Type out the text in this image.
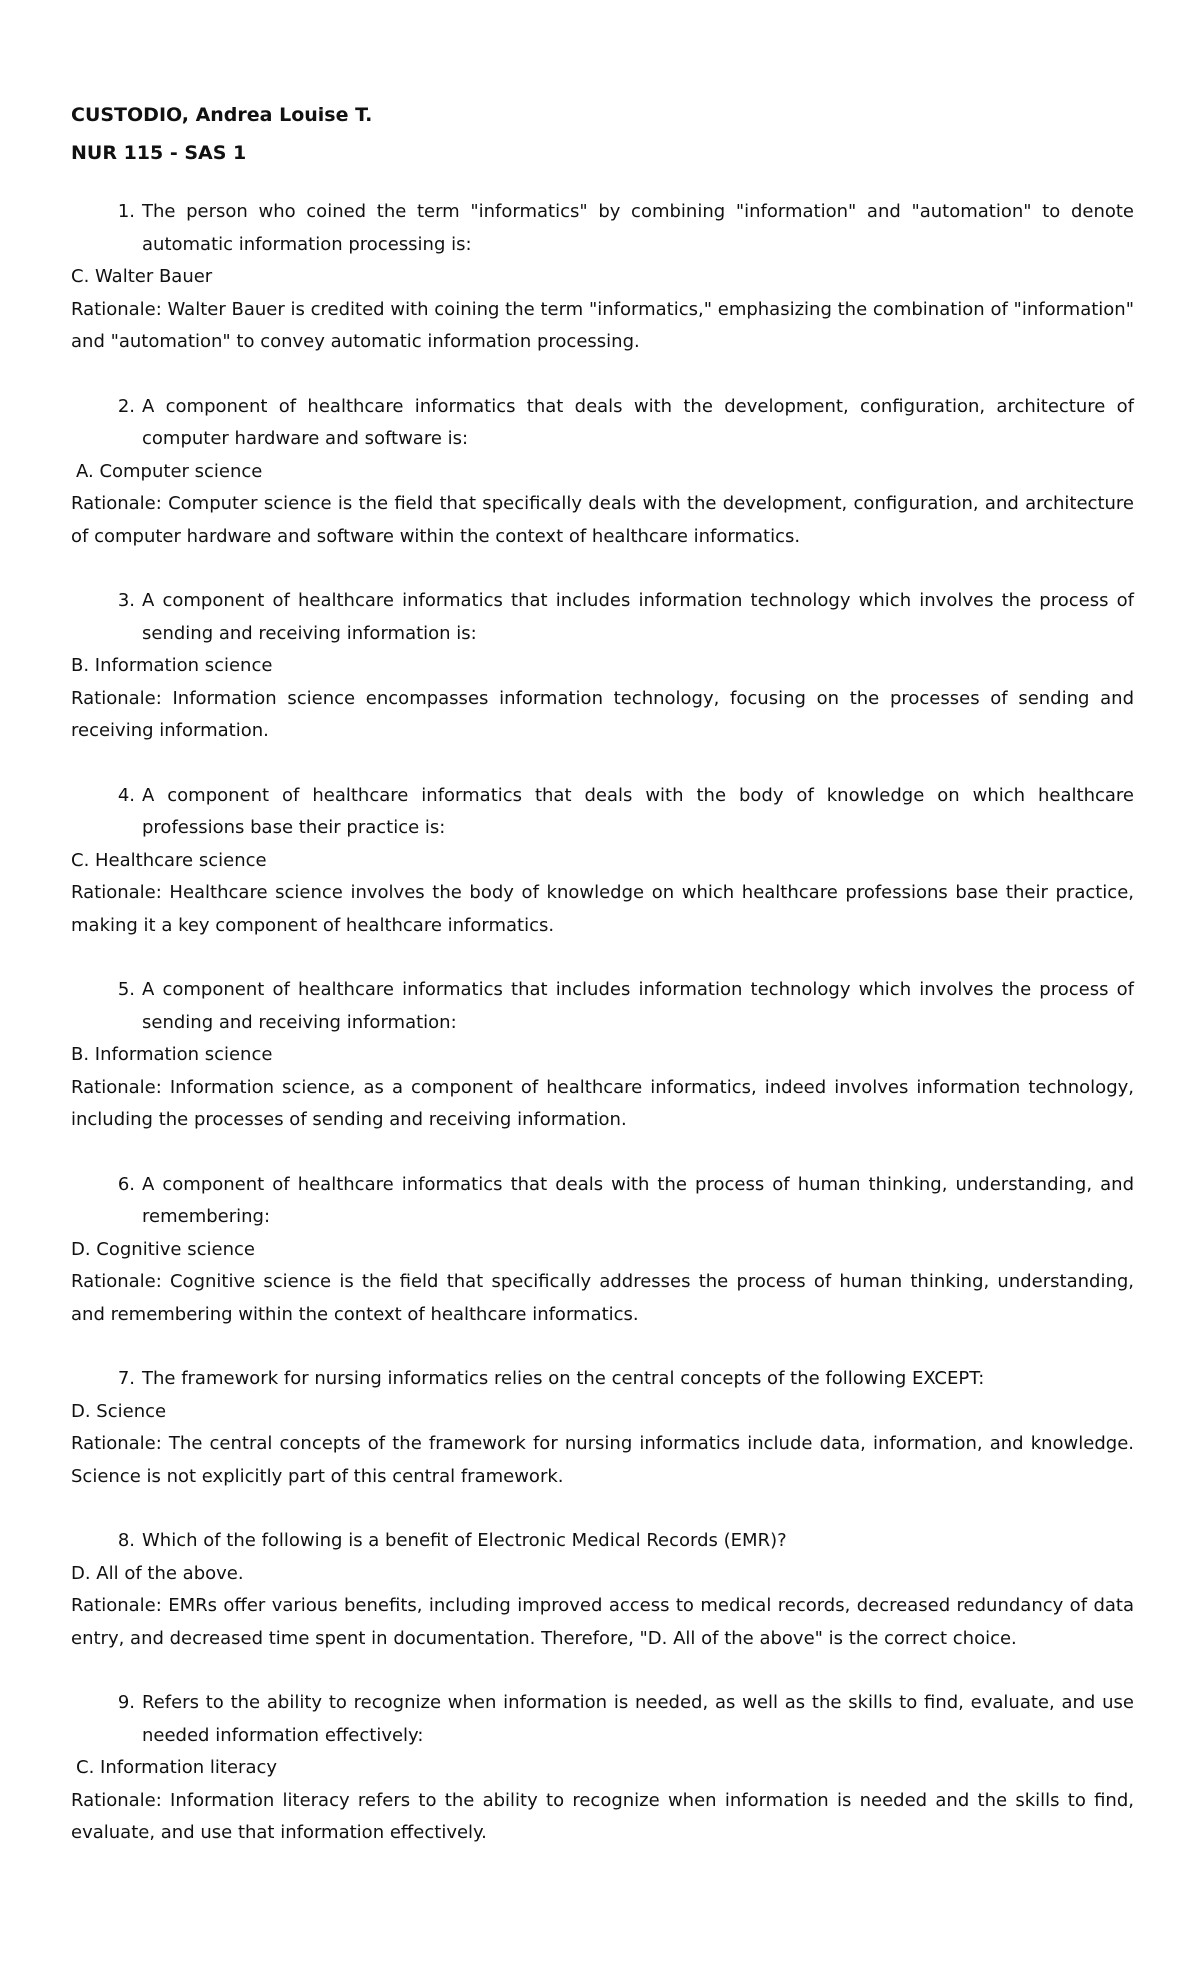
CUSTODIO, Andrea Louise T.
NUR 115 - SAS 1
1. The person who coined the term "informatics" by combining "information" and "automation" to denote automatic information processing is:
C. Walter Bauer
Rationale: Walter Bauer is credited with coining the term "informatics," emphasizing the combination of "information" and "automation" to convey automatic information processing.
2. A component of healthcare informatics that deals with the development, configuration, architecture of computer hardware and software is:
A. Computer science
Rationale: Computer science is the field that specifically deals with the development, configuration, and architecture of computer hardware and software within the context of healthcare informatics.
3. A component of healthcare informatics that includes information technology which involves the process of sending and receiving information is:
B. Information science
Rationale: Information science encompasses information technology, focusing on the processes of sending and receiving information.
4. A component of healthcare informatics that deals with the body of knowledge on which healthcare professions base their practice is:
C. Healthcare science
Rationale: Healthcare science involves the body of knowledge on which healthcare professions base their practice, making it a key component of healthcare informatics.
5. A component of healthcare informatics that includes information technology which involves the process of sending and receiving information:
B. Information science
Rationale: Information science, as a component of healthcare informatics, indeed involves information technology, including the processes of sending and receiving information.
6. A component of healthcare informatics that deals with the process of human thinking, understanding, and remembering:
D. Cognitive science
Rationale: Cognitive science is the field that specifically addresses the process of human thinking, understanding, and remembering within the context of healthcare informatics.
7. The framework for nursing informatics relies on the central concepts of the following EXCEPT:
D. Science
Rationale: The central concepts of the framework for nursing informatics include data, information, and knowledge. Science is not explicitly part of this central framework.
8. Which of the following is a benefit of Electronic Medical Records (EMR)?
D. All of the above.
Rationale: EMRs offer various benefits, including improved access to medical records, decreased redundancy of data entry, and decreased time spent in documentation. Therefore, "D. All of the above" is the correct choice.
9. Refers to the ability to recognize when information is needed, as well as the skills to find, evaluate, and use needed information effectively:
C. Information literacy
Rationale: Information literacy refers to the ability to recognize when information is needed and the skills to find, evaluate, and use that information effectively.
